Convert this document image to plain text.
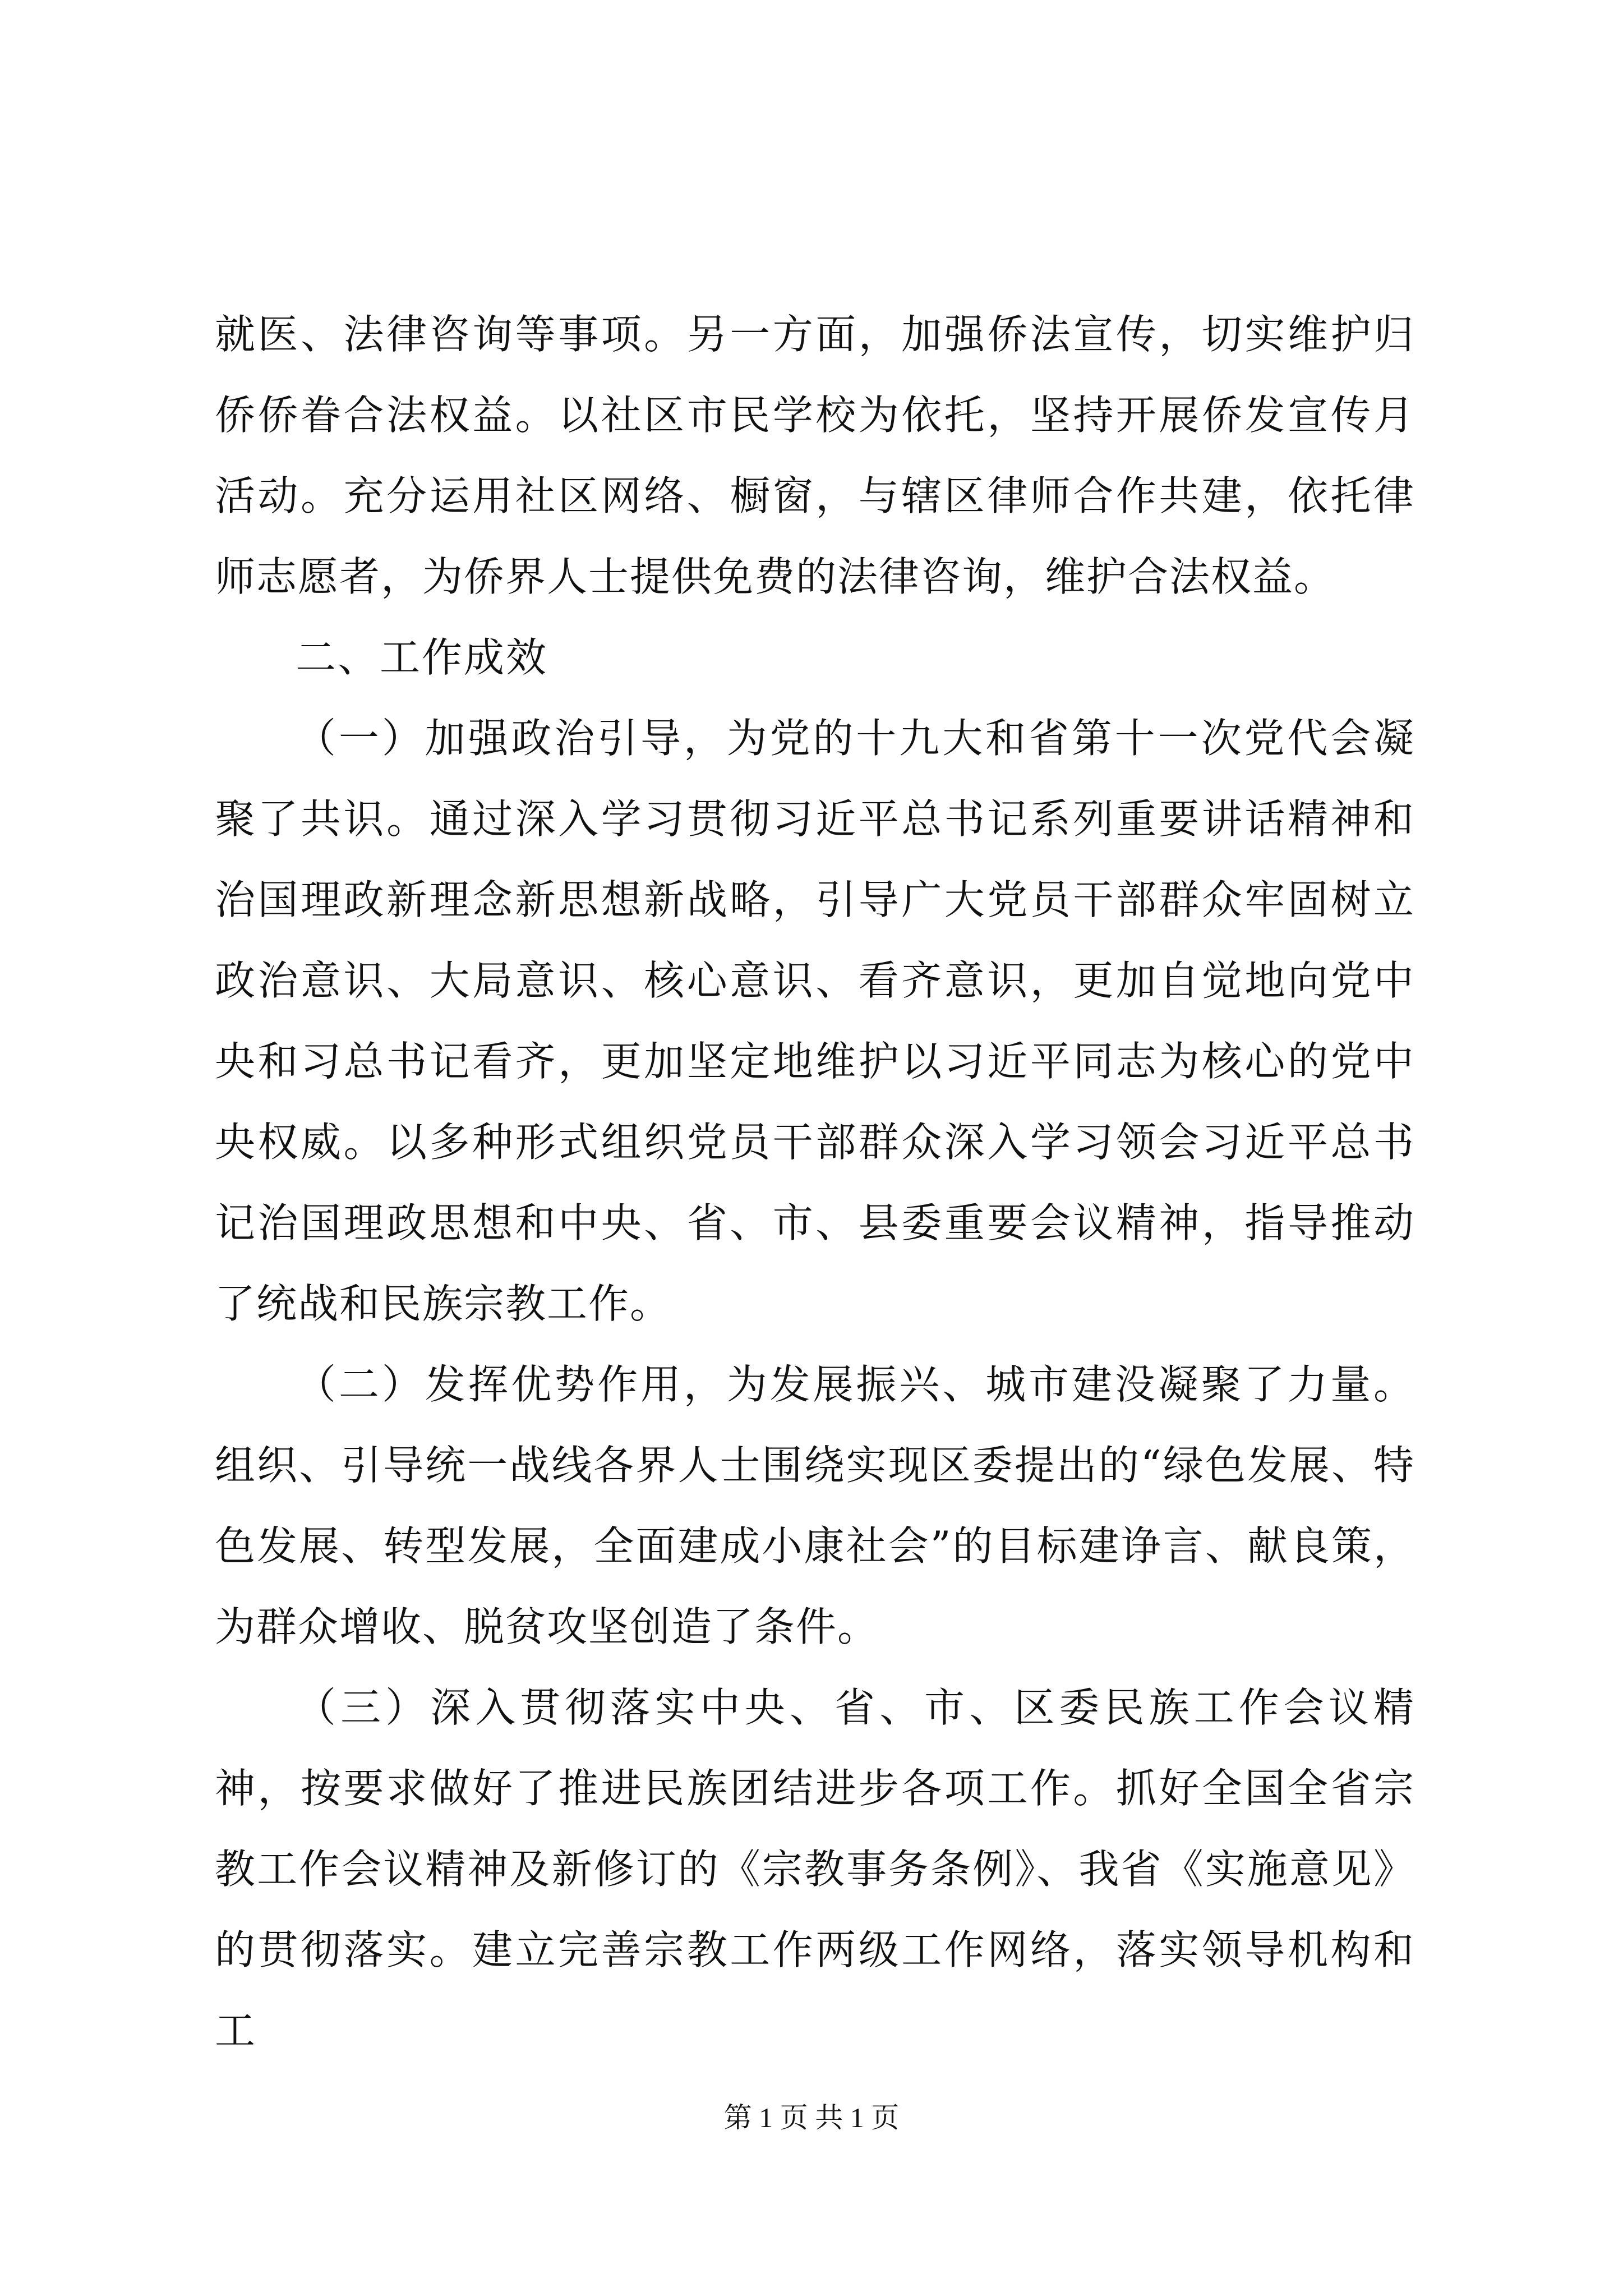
就医、法律咨询等事项。另一方面，加强侨法宣传，切实维护归侨侨眷合法权益。以社区市民学校为依托，坚持开展侨发宣传月活动。充分运用社区网络、橱窗，与辖区律师合作共建，依托律师志愿者，为侨界人士提供免费的法律咨询，维护合法权益。

二、工作成效

（一）加强政治引导，为党的十九大和省第十一次党代会凝聚了共识。通过深入学习贯彻习近平总书记系列重要讲话精神和治国理政新理念新思想新战略，引导广大党员干部群众牢固树立政治意识、大局意识、核心意识、看齐意识，更加自觉地向党中央和习总书记看齐，更加坚定地维护以习近平同志为核心的党中央权威。以多种形式组织党员干部群众深入学习领会习近平总书记治国理政思想和中央、省、市、县委重要会议精神，指导推动了统战和民族宗教工作。

（二）发挥优势作用，为发展振兴、城市建没凝聚了力量。组织、引导统一战线各界人士围绕实现区委提出的“绿色发展、特色发展、转型发展，全面建成小康社会”的目标建诤言、献良策，为群众增收、脱贫攻坚创造了条件。

（三）深入贯彻落实中央、省、市、区委民族工作会议精神，按要求做好了推进民族团结进步各项工作。抓好全国全省宗教工作会议精神及新修订的《宗教事务条例》、我省《实施意见》的贯彻落实。建立完善宗教工作两级工作网络，落实领导机构和工

第 1 页 共 1 页
